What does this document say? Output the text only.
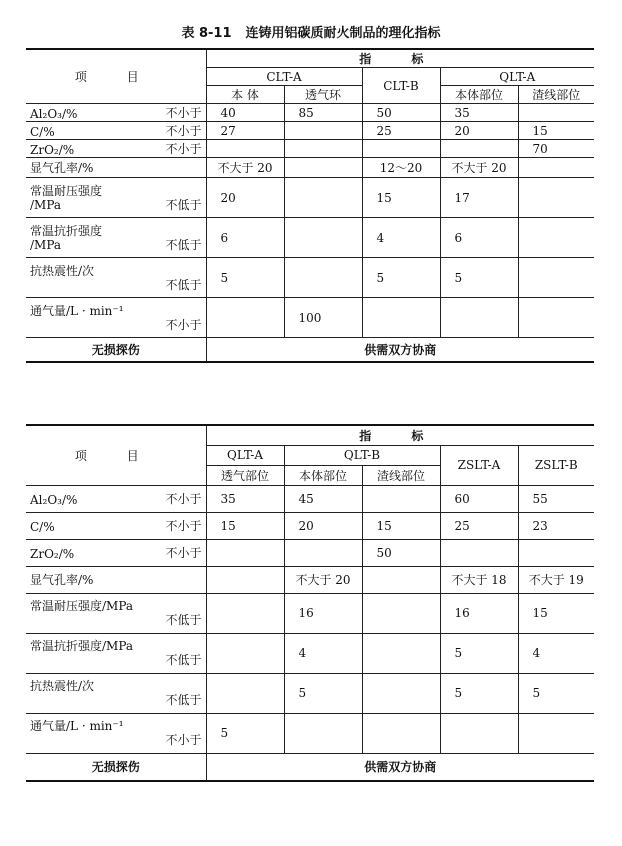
表 8-11 连铸用铝碳质耐火制品的理化指标
项 目	指 标				
	CLT-A		CLT-B	QLT-A	
	本 体	透气环		本体部位	渣线部位

Al₂O₃/% 不小于	40	85	50	35	

C/% 不小于	27		25	20	15

ZrO₂/% 不小于					70

显气孔率/%	不大于 20		12～20	不大于 20	

常温耐压强度
/MPa 不低于	20		15	17	

常温抗折强度
/MPa 不低于	6		4	6	

抗热震性/次
不低于	5		5	5	

通气量/L · min⁻¹
不小于		100			
无损探伤	供需双方协商				
项 目	指 标				
	QLT-A	QLT-B		ZSLT-A	ZSLT-B
	透气部位	本体部位	渣线部位		

Al₂O₃/% 不小于	35	45		60	55

C/% 不小于	15	20	15	25	23

ZrO₂/% 不小于			50		

显气孔率/%		不大于 20		不大于 18	不大于 19

常温耐压强度/MPa
不低于		16		16	15

常温抗折强度/MPa
不低于		4		5	4

抗热震性/次
不低于		5		5	5

通气量/L · min⁻¹
不小于	5				
无损探伤	供需双方协商				
